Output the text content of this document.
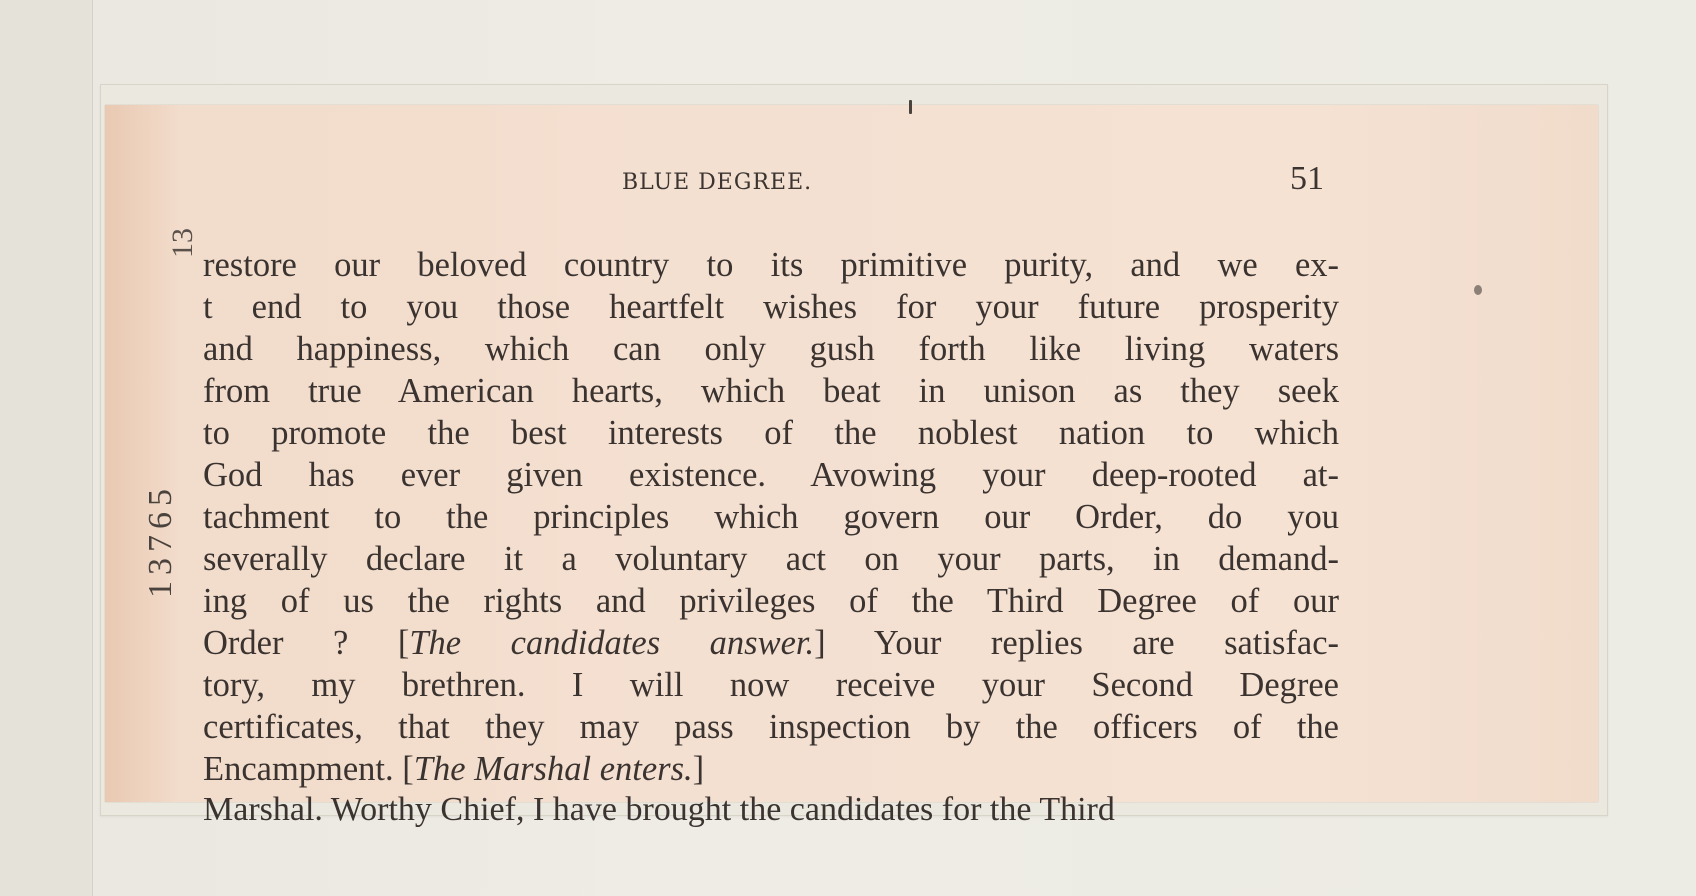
13
13765
BLUE DEGREE.	51
restore our beloved country to its primitive purity, and we ex-
t end to you those heartfelt wishes for your future prosperity
and happiness, which can only gush forth like living waters
from true American hearts, which beat in unison as they seek
to promote the best interests of the noblest nation to which
God has ever given existence. Avowing your deep-rooted at-
tachment to the principles which govern our Order, do you
severally declare it a voluntary act on your parts, in demand-
ing of us the rights and privileges of the Third Degree of our
Order ? [The candidates answer.] Your replies are satisfac-
tory, my brethren. I will now receive your Second Degree
certificates, that they may pass inspection by the officers of the
Encampment. [The Marshal enters.]
Marshal. Worthy Chief, I have brought the candidates for the Third
